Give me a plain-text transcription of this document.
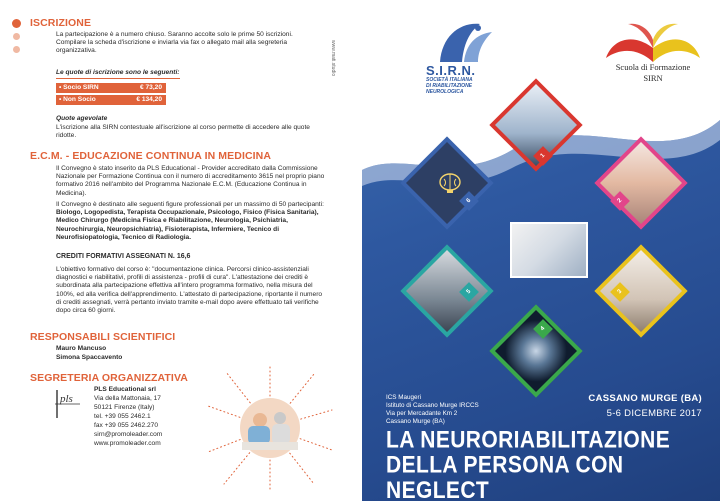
ISCRIZIONE
La partecipazione è a numero chiuso. Saranno accolte solo le prime 50 iscrizioni. Compilare la scheda d'iscrizione e inviarla via fax o allegato mail alla segreteria organizzativa.
Le quote di iscrizione sono le seguenti:
• Socio SIRN	€ 73,20
• Non Socio	€ 134,20
Quote agevolate
L'iscrizione alla SIRN contestuale all'iscrizione al corso permette di accedere alle quote ridotte.
E.C.M. - EDUCAZIONE CONTINUA IN MEDICINA
Il Convegno è stato inserito da PLS Educational - Provider accreditato dalla Commissione Nazionale per Formazione Continua con il numero di accreditamento 3615 nel proprio piano formativo 2016 nell'ambito del Programma Nazionale E.C.M. (Educazione Continua in Medicina).
Il Convegno è destinato alle seguenti figure professionali per un massimo di 50 partecipanti: Biologo, Logopedista, Terapista Occupazionale, Psicologo, Fisico (Fisica Sanitaria), Medico Chirurgo (Medicina Fisica e Riabilitazione, Neurologia, Psichiatria, Neurochirurgia, Neuropsichiatria), Fisioterapista, Infermiere, Tecnico di Neurofisiopatologia, Tecnico di Radiologia.
CREDITI FORMATIVI ASSEGNATI N. 16,6
L'obiettivo formativo del corso è: "documentazione clinica. Percorsi clinico-assistenziali diagnostici e riabilitativi, profili di assistenza - profili di cura". L'attestazione dei crediti è subordinata alla partecipazione effettiva all'intero programma formativo, nella misura del 100%, ed alla verifica dell'apprendimento. L'attestato di partecipazione, riportante il numero di crediti assegnati, verrà pertanto inviato tramite e-mail dopo avere effettuato tali verifiche dopo circa 60 giorni.
RESPONSABILI SCIENTIFICI
Mauro Mancuso
Simona Spaccavento
SEGRETERIA ORGANIZZATIVA
pls
PLS Educational srl
Via della Mattonaia, 17
50121 Firenze (Italy)
tel. +39 055 2462.1
fax +39 055 2462.270
sirn@promoleader.com
www.promoleader.com
www.mati.studio	S.I.R.N.
SOCIETÀ ITALIANA
DI RIABILITAZIONE
NEUROLOGICA
Scuola di Formazione
SIRN
1
6	2
5	3
4
ICS Maugeri
Istituto di Cassano Murge IRCCS
Via per Mercadante Km 2
Cassano Murge (BA)
CASSANO MURGE (BA)
5-6 DICEMBRE 2017
LA NEURORIABILITAZIONE
DELLA PERSONA CON NEGLECT
